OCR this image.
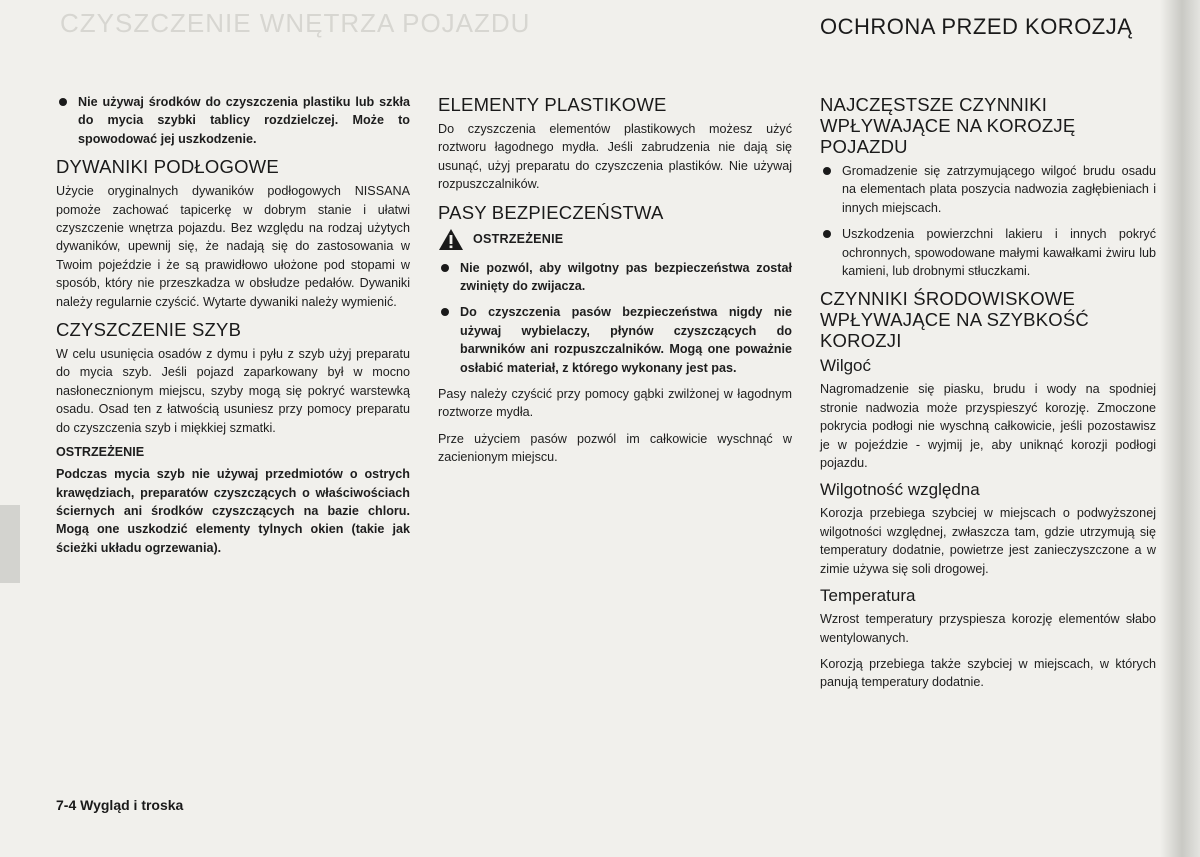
CZYSZCZENIE WNĘTRZA POJAZDU	OCHRONA PRZED KOROZJĄ
Nie używaj środków do czyszczenia plastiku lub szkła do mycia szybki tablicy rozdzielczej. Może to spowodować jej uszkodzenie.
DYWANIKI PODŁOGOWE
Użycie oryginalnych dywaników podłogowych NISSANA pomoże zachować tapicerkę w dobrym stanie i ułatwi czyszczenie wnętrza pojazdu. Bez względu na rodzaj użytych dywaników, upewnij się, że nadają się do zastosowania w Twoim pojeździe i że są prawidłowo ułożone pod stopami w sposób, który nie przeszkadza w obsłudze pedałów. Dywaniki należy regularnie czyścić. Wytarte dywaniki należy wymienić.
CZYSZCZENIE SZYB
W celu usunięcia osadów z dymu i pyłu z szyb użyj preparatu do mycia szyb. Jeśli pojazd zaparkowany był w mocno nasłonecznionym miejscu, szyby mogą się pokryć warstewką osadu. Osad ten z łatwością usuniesz przy pomocy preparatu do czyszczenia szyb i miękkiej szmatki.
OSTRZEŻENIE
Podczas mycia szyb nie używaj przedmiotów o ostrych krawędziach, preparatów czyszczących o właściwościach ściernych ani środków czyszczących na bazie chloru. Mogą one uszkodzić elementy tylnych okien (takie jak ścieżki układu ogrzewania).
ELEMENTY PLASTIKOWE
Do czyszczenia elementów plastikowych możesz użyć roztworu łagodnego mydła. Jeśli zabrudzenia nie dają się usunąć, użyj preparatu do czyszczenia plastików. Nie używaj rozpuszczalników.
PASY BEZPIECZEŃSTWA
OSTRZEŻENIE
Nie pozwól, aby wilgotny pas bezpieczeństwa został zwinięty do zwijacza.
Do czyszczenia pasów bezpieczeństwa nigdy nie używaj wybielaczy, płynów czyszczących do barwników ani rozpuszczalników. Mogą one poważnie osłabić materiał, z którego wykonany jest pas.
Pasy należy czyścić przy pomocy gąbki zwilżonej w łagodnym roztworze mydła.
Prze użyciem pasów pozwól im całkowicie wyschnąć w zacienionym miejscu.
NAJCZĘSTSZE CZYNNIKI WPŁYWAJĄCE NA KOROZJĘ POJAZDU
Gromadzenie się zatrzymującego wilgoć brudu osadu na elementach plata poszycia nadwozia zagłębieniach i innych miejscach.
Uszkodzenia powierzchni lakieru i innych pokryć ochronnych, spowodowane małymi kawałkami żwiru lub kamieni, lub drobnymi stłuczkami.
CZYNNIKI ŚRODOWISKOWE WPŁYWAJĄCE NA SZYBKOŚĆ KOROZJI
Wilgoć
Nagromadzenie się piasku, brudu i wody na spodniej stronie nadwozia może przyspieszyć korozję. Zmoczone pokrycia podłogi nie wyschną całkowicie, jeśli pozostawisz je w pojeździe - wyjmij je, aby uniknąć korozji podłogi pojazdu.
Wilgotność względna
Korozja przebiega szybciej w miejscach o podwyższonej wilgotności względnej, zwłaszcza tam, gdzie utrzymują się temperatury dodatnie, powietrze jest zanieczyszczone a w zimie używa się soli drogowej.
Temperatura
Wzrost temperatury przyspiesza korozję elementów słabo wentylowanych.
Korozją przebiega także szybciej w miejscach, w których panują temperatury dodatnie.
7-4 Wygląd i troska
